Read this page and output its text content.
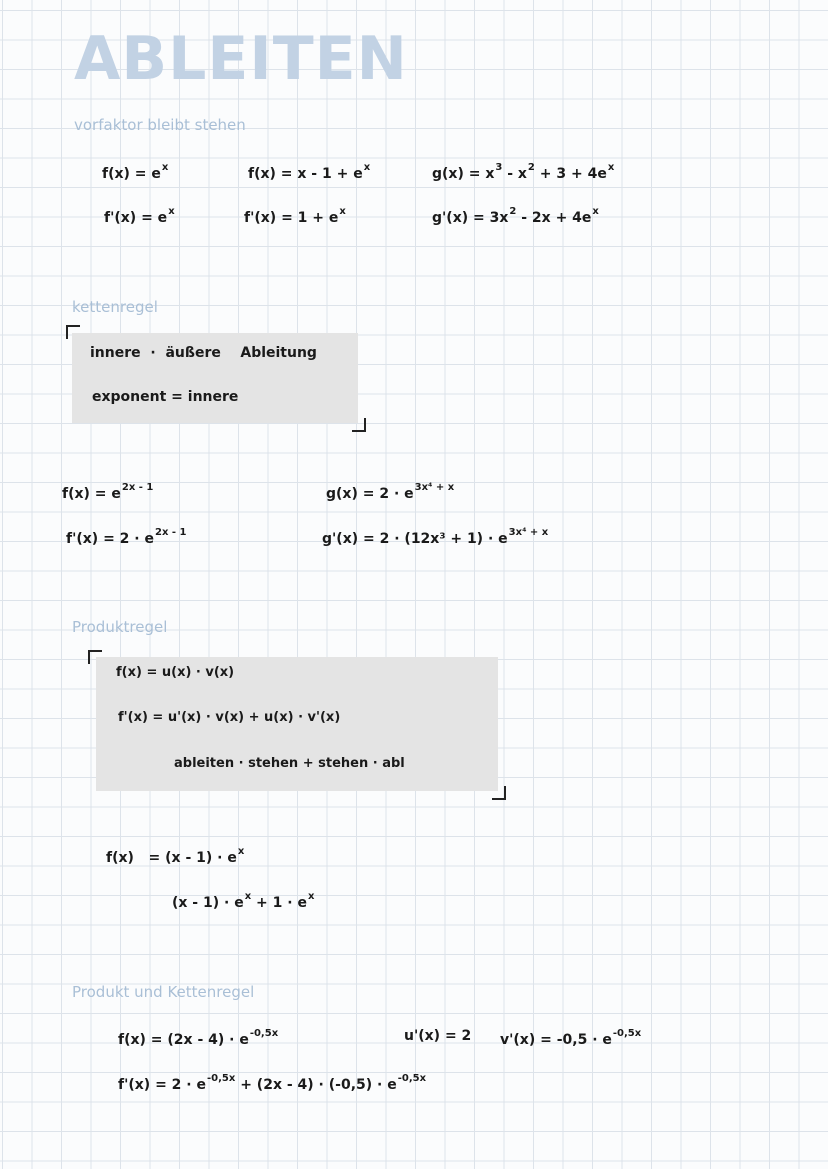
ABLEITEN
vorfaktor bleibt stehen
$f(x) = e^x$
$f'(x) = e^x$
$f(x) = x - 1 + e^x$
$f'(x) = 1 + e^x$
$g(x) = x^3 - x^2 + 3 + 4e^x$
$g'(x) = 3x^2 - 2x + 4e^x$
kettenregel
innere · äußere Ableitung
exponent = innere
$f(x) = e^{2x - 1}$
$f'(x) = 2 \cdot e^{2x - 1}$
$g(x) = 2 \cdot e^{3x^4 + x}$
$g'(x) = 2 \cdot (12x^3 + 1) \cdot e^{3x^4 + x}$
Produktregel
f(x) = u(x) · v(x)
f'(x) = u'(x) · v(x) + u(x) · v'(x)
ableiten · stehen + stehen · abl
$f(x) = (x - 1) \cdot e^x$
$(x - 1) \cdot e^x + 1 \cdot e^x$
Produkt und Kettenregel
$f(x) = (2x - 4) \cdot e^{-0,5x}$	u'(x) = 2 $v'(x) = -0,5 \cdot e^{-0,5x}$
$f'(x) = 2 \cdot e^{-0,5x} + (2x - 4) \cdot (-0,5) \cdot e^{-0,5x}$
